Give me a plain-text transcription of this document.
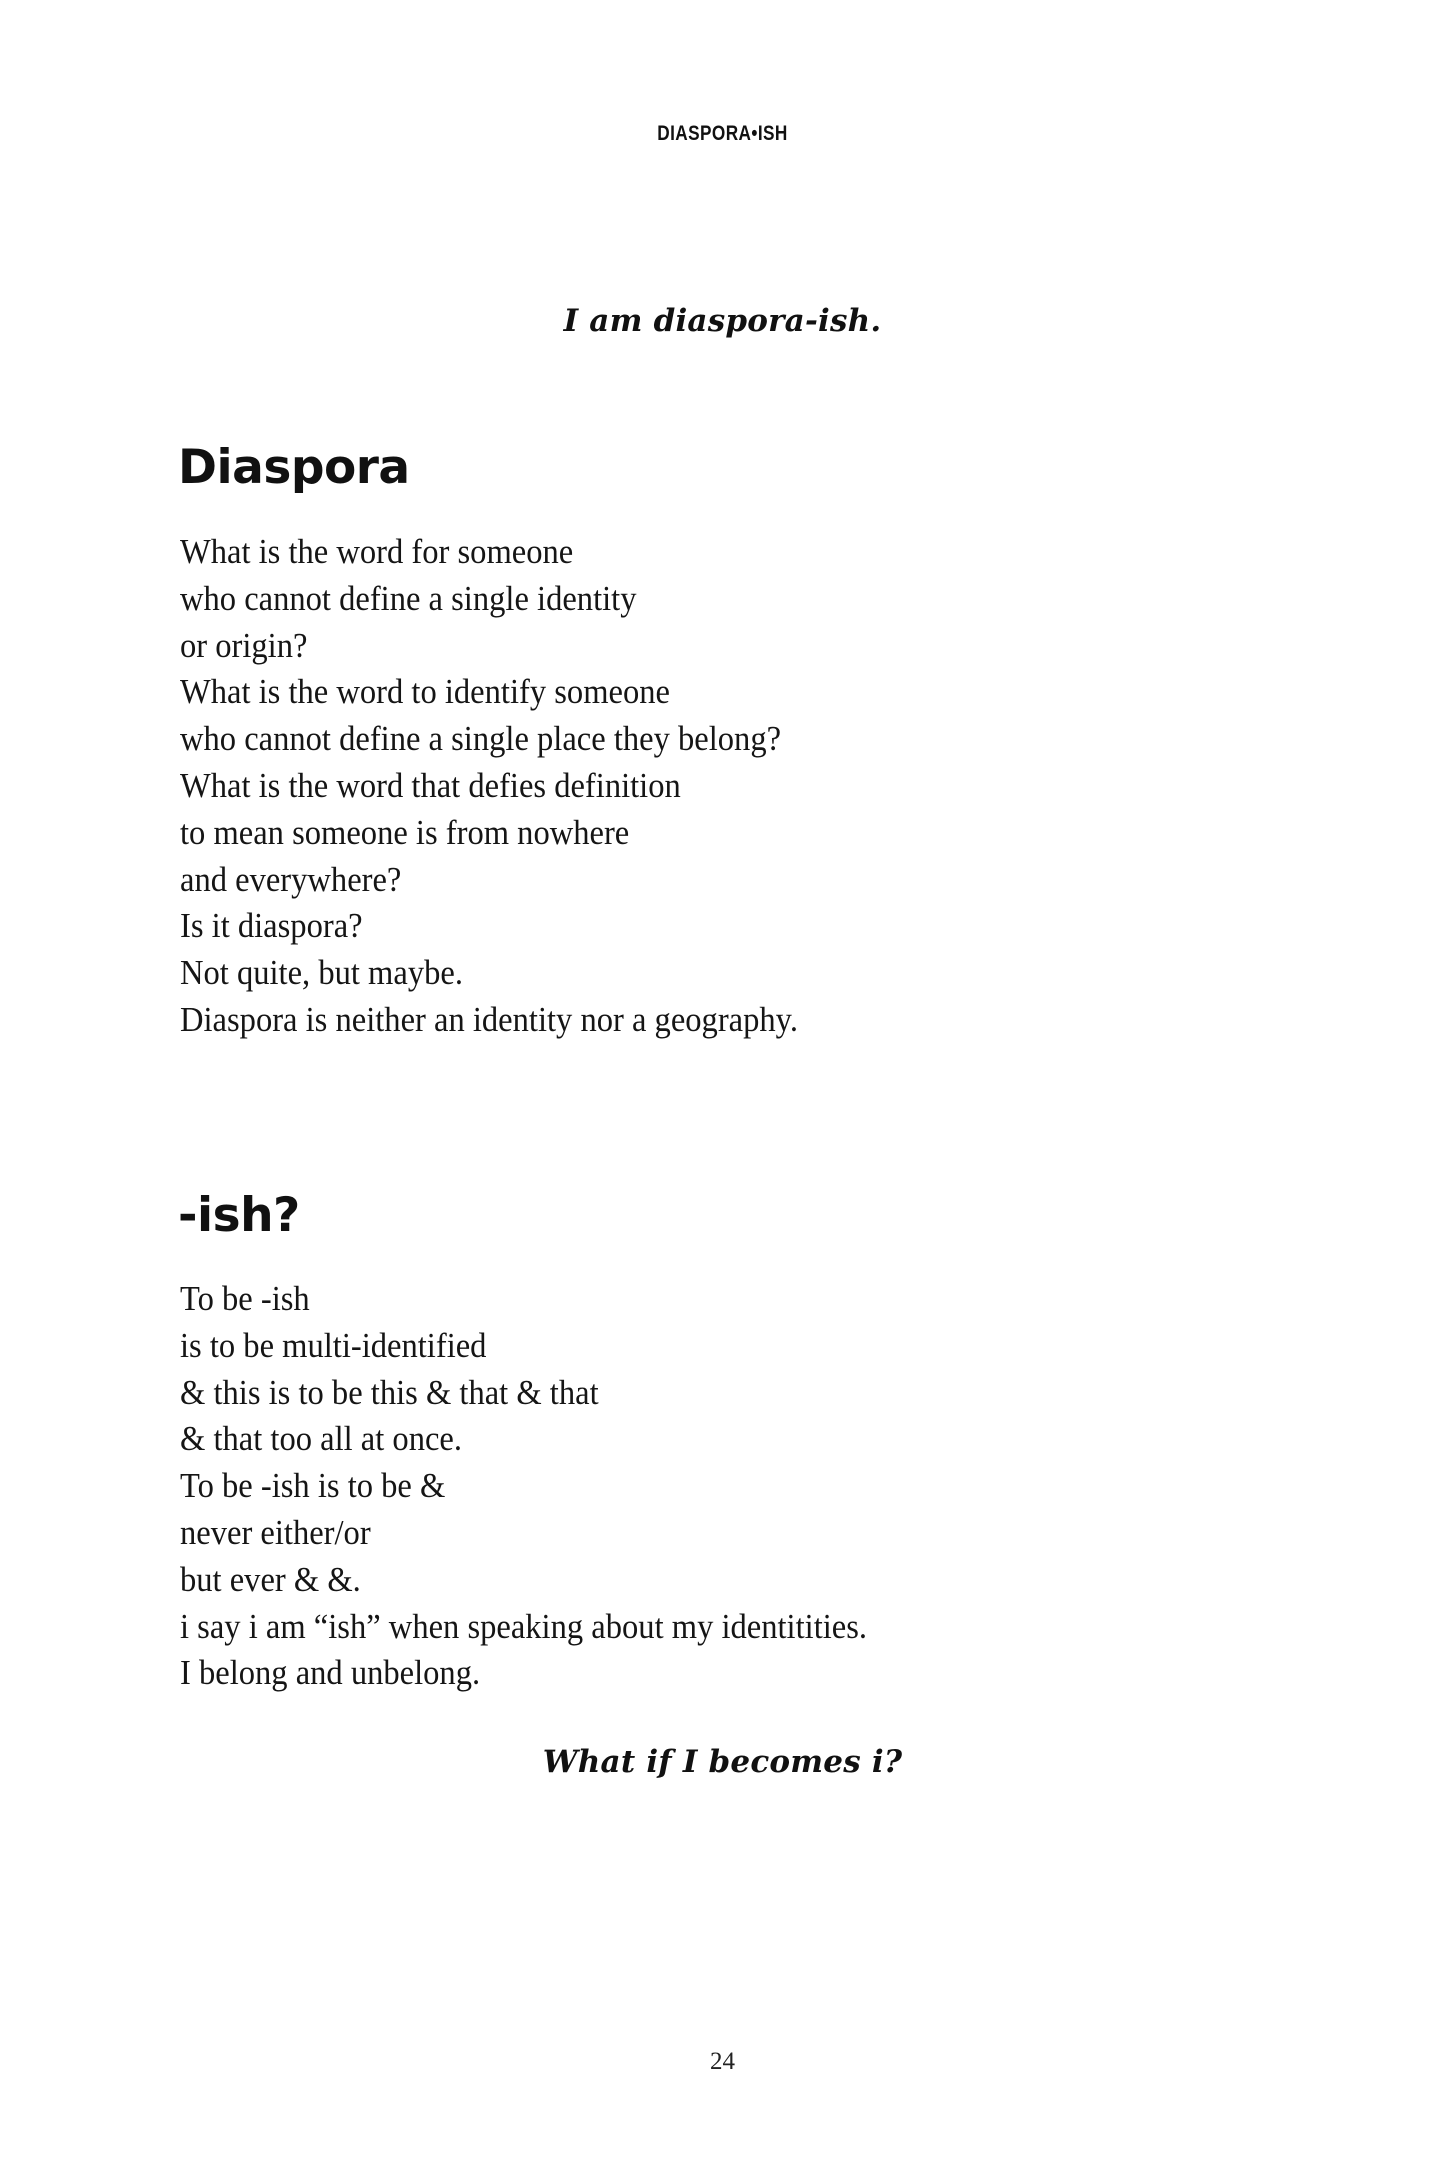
DIASPORA•ISH
I am diaspora-ish.
Diaspora
What is the word for someone
who cannot define a single identity
or origin?
What is the word to identify someone
who cannot define a single place they belong?
What is the word that defies definition
to mean someone is from nowhere
and everywhere?
Is it diaspora?
Not quite, but maybe.
Diaspora is neither an identity nor a geography.
-ish?
To be -ish
is to be multi-identified
& this is to be this & that & that
& that too all at once.
To be -ish is to be &
never either/or
but ever & &.
i say i am “ish” when speaking about my identitities.
I belong and unbelong.
What if I becomes i?
24
